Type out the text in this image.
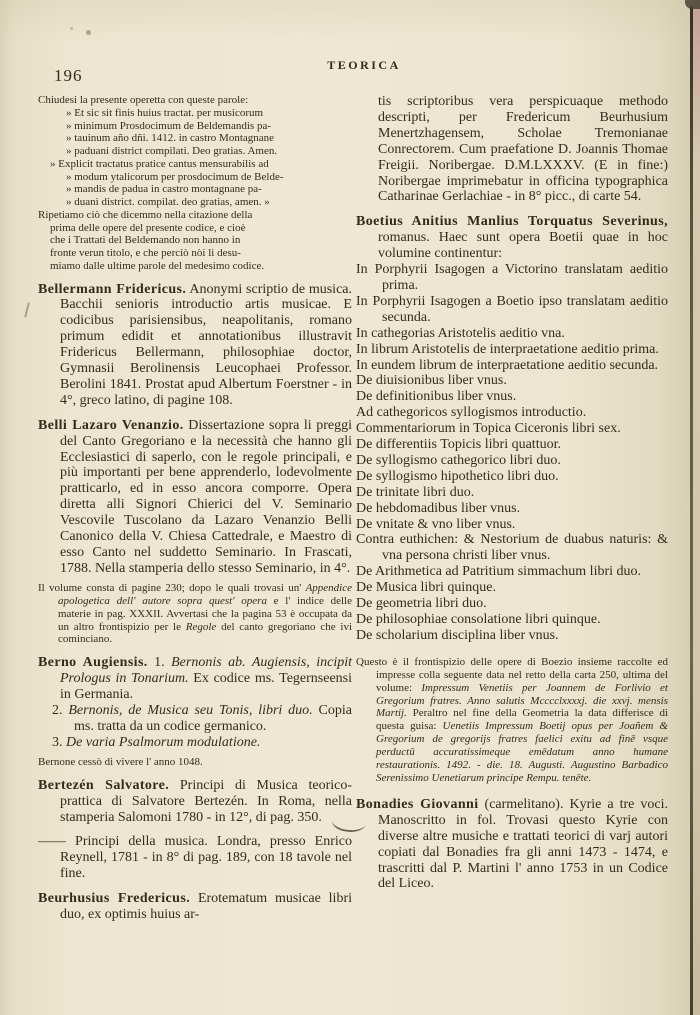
196
TEORICA

Chiudesi la presente operetta con queste parole:

» Et sic sit finis huius tractat. per musicorum

» minimum Prosdocimum de Beldemandis pa-

» tauinum año dñi. 1412. in castro Montagnane

» paduani district compilati. Deo gratias. Amen.

» Explicit tractatus pratice cantus mensurabilis ad

» modum ytalicorum per prosdocimum de Belde-

» mandis de padua in castro montagnane pa-

» duani district. compilat. deo gratias, amen. »

Ripetiamo ciò che dicemmo nella citazione della

prima delle opere del presente codice, e cioè

che i Trattati del Beldemando non hanno in

fronte verun titolo, e che perciò nòi li desu-

miamo dalle ultime parole del medesimo codice.

Bellermann Fridericus. Anonymi scriptio de musica. Bacchii senioris introductio artis musicae. E codicibus parisiensibus, neapolitanis, romano primum edidit et annotationibus illustravit Fridericus Bellermann, philosophiae doctor, Gymnasii Berolinensis Leucophaei Professor. Berolini 1841. Prostat apud Albertum Foerstner - in 4°, greco latino, di pagine 108.

Belli Lazaro Venanzio. Dissertazione sopra li preggi del Canto Gregoriano e la necessità che hanno gli Ecclesiastici di saperlo, con le regole principali, e più importanti per bene apprenderlo, lodevolmente pratticarlo, ed in esso ancora comporre. Opera diretta alli Signori Chierici del V. Seminario Vescovile Tuscolano da Lazaro Venanzio Belli Canonico della V. Chiesa Cattedrale, e Maestro di esso Canto nel suddetto Seminario. In Frascati, 1788. Nella stamperia dello stesso Seminario, in 4°.

Il volume consta di pagine 230; dopo le quali trovasi un' Appendice apologetica dell' autore sopra quest' opera e l' indice delle materie in pag. XXXII. Avvertasi che la pagina 53 è occupata da un altro frontispizio per le Regole del canto gregoriano che ivi cominciano.

Berno Augiensis. 1. Bernonis ab. Augiensis, incipit Prologus in Tonarium. Ex codice ms. Tegernseensi in Germania.

2. Bernonis, de Musica seu Tonis, libri duo. Copia ms. tratta da un codice germanico.

3. De varia Psalmorum modulatione.

Bernone cessò di vivere l' anno 1048.

Bertezén Salvatore. Principi di Musica teorico-prattica di Salvatore Bertezén. In Roma, nella stamperia Salomoni 1780 - in 12°, di pag. 350.

—— Principi della musica. Londra, presso Enrico Reynell, 1781 - in 8° di pag. 189, con 18 tavole nel fine.

Beurhusius Fredericus. Erotematum musicae libri duo, ex optimis huius ar-

tis scriptoribus vera perspicuaque methodo descripti, per Fredericum Beurhusium Menertzhagensem, Scholae Tremonianae Conrectorem. Cum praefatione D. Joannis Thomae Freigii. Noribergae. D.M.LXXXV. (E in fine:) Noribergae imprimebatur in officina typographica Catharinae Gerlachiae - in 8° picc., di carte 54.

Boetius Anitius Manlius Torquatus Severinus, romanus. Haec sunt opera Boetii quae in hoc volumine continentur:

In Porphyrii Isagogen a Victorino translatam aeditio prima.

In Porphyrii Isagogen a Boetio ipso translatam aeditio secunda.

In cathegorias Aristotelis aeditio vna.

In librum Aristotelis de interpraetatione aeditio prima.

In eundem librum de interpraetatione aeditio secunda.

De diuisionibus liber vnus.

De definitionibus liber vnus.

Ad cathegoricos syllogismos introductio.

Commentariorum in Topica Ciceronis libri sex.

De differentiis Topicis libri quattuor.

De syllogismo cathegorico libri duo.

De syllogismo hipothetico libri duo.

De trinitate libri duo.

De hebdomadibus liber vnus.

De vnitate & vno liber vnus.

Contra euthichen: & Nestorium de duabus naturis: & vna persona christi liber vnus.

De Arithmetica ad Patritium simmachum libri duo.

De Musica libri quinque.

De geometria libri duo.

De philosophiae consolatione libri quinque.

De scholarium disciplina liber vnus.

Questo è il frontispizio delle opere di Boezio insieme raccolte ed impresse colla seguente data nel retto della carta 250, ultima del volume: Impressum Venetiis per Joannem de Forlivio et Gregorium fratres. Anno salutis Mcccclxxxxj. die xxvj. mensis Martij. Peraltro nel fine della Geometria la data differisce di questa guisa: Uenetiis Impressum Boetij opus per Joañem & Gregorium de gregorijs fratres faelici exitu ad finē vsque perductū accuratissimeque emēdatum anno humane restaurationis. 1492. - die. 18. Augusti. Augustino Barbadico Serenissimo Uenetiarum principe Rempu. tenēte.

Bonadies Giovanni (carmelitano). Kyrie a tre voci. Manoscritto in fol. Trovasi questo Kyrie con diverse altre musiche e trattati teorici di varj autori copiati dal Bonadies fra gli anni 1473 - 1474, e trascritti dal P. Martini l' anno 1753 in un Codice del Liceo.
